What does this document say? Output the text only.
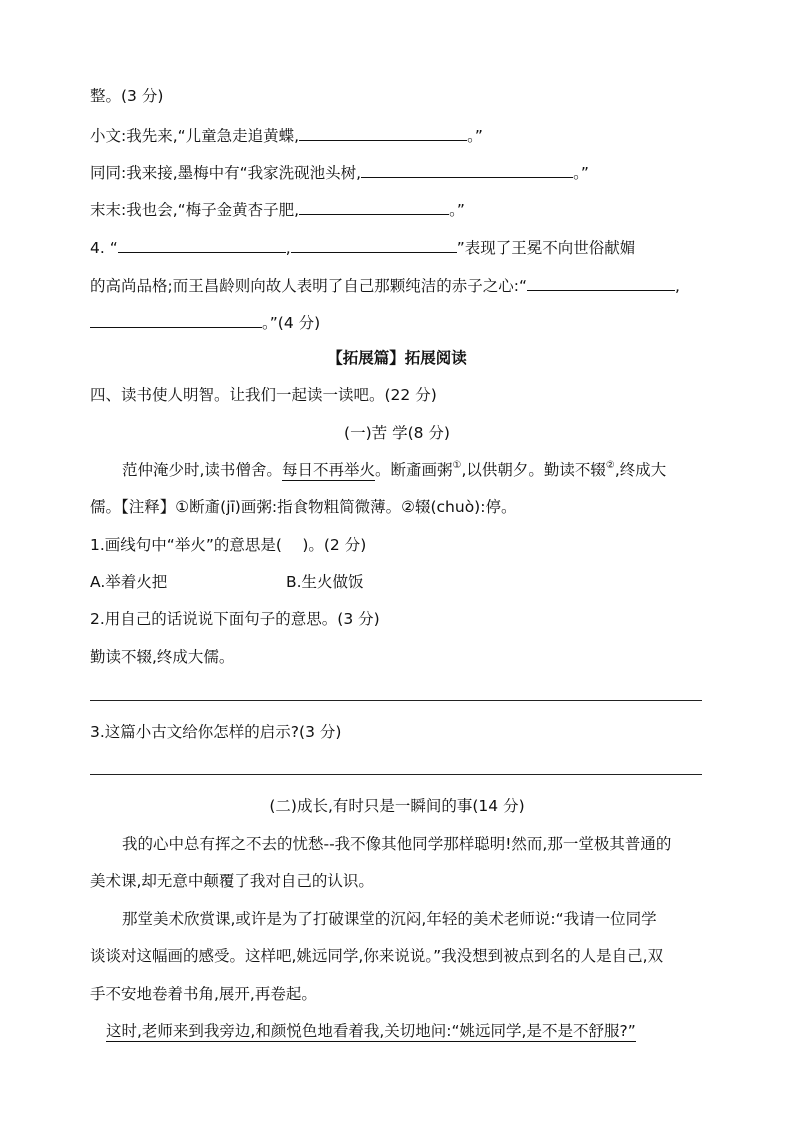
整。(3 分)
小文:我先来,“儿童急走追黄蝶,	。”
同同:我来接,墨梅中有“我家洗砚池头树,	。”
末末:我也会,“梅子金黄杏子肥,	。”
4. “	,	”表现了王冕不向世俗献媚
的高尚品格;而王昌龄则向故人表明了自己那颗纯洁的赤子之心:“	,
。”(4 分)
【拓展篇】拓展阅读
四、读书使人明智。让我们一起读一读吧。(22 分)
(一)苦 学(8 分)
范仲淹少时,读书僧舍。每日不再举火。断齑画粥①,以供朝夕。勤读不辍②,终成大
儒。【注释】①断齑(jī)画粥:指食物粗简微薄。②辍(chuò):停。
1.画线句中“举火”的意思是(  )。(2 分)
A.举着火把	B.生火做饭
2.用自己的话说说下面句子的意思。(3 分)
勤读不辍,终成大儒。
3.这篇小古文给你怎样的启示?(3 分)
(二)成长,有时只是一瞬间的事(14 分)
我的心中总有挥之不去的忧愁--我不像其他同学那样聪明!然而,那一堂极其普通的
美术课,却无意中颠覆了我对自己的认识。
那堂美术欣赏课,或许是为了打破课堂的沉闷,年轻的美术老师说:“我请一位同学
谈谈对这幅画的感受。这样吧,姚远同学,你来说说。”我没想到被点到名的人是自己,双
手不安地卷着书角,展开,再卷起。
这时,老师来到我旁边,和颜悦色地看着我,关切地问:“姚远同学,是不是不舒服?”
